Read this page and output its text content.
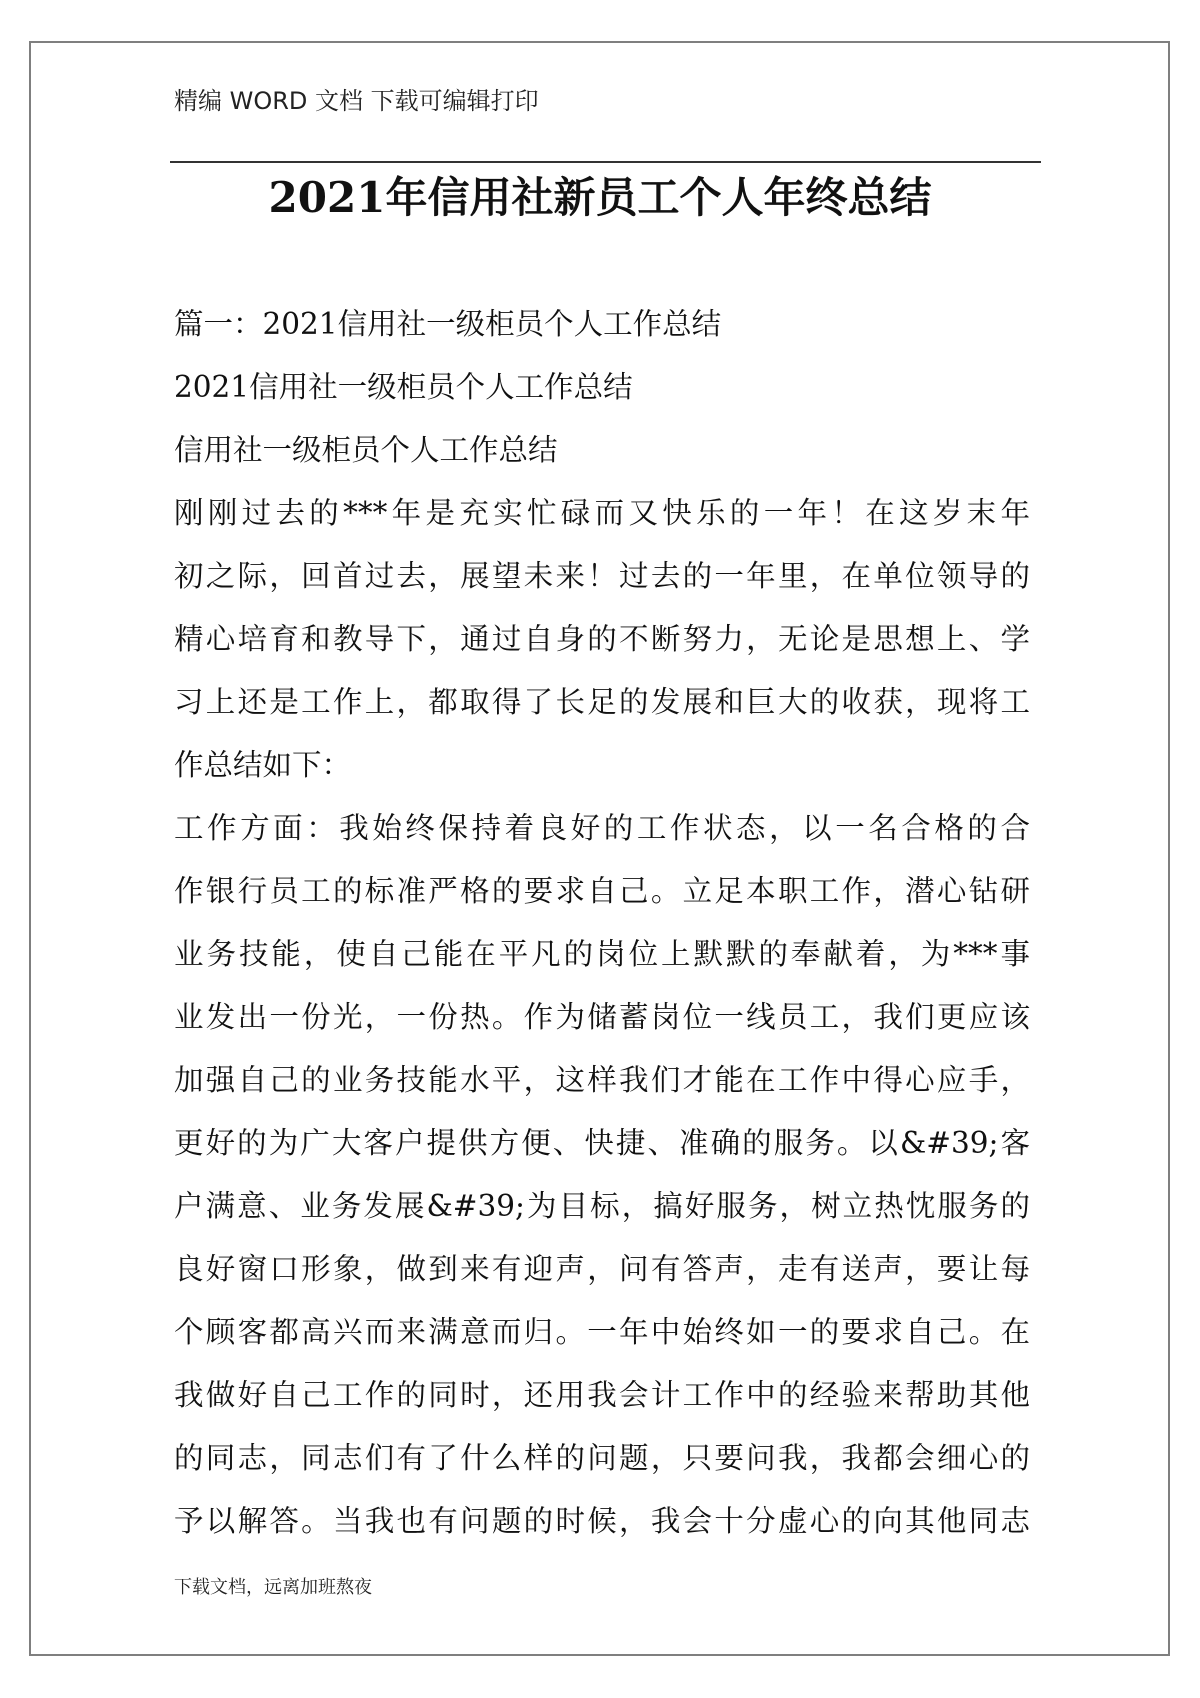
精编 WORD 文档 下载可编辑打印
2021年信用社新员工个人年终总结
篇一：2021信用社一级柜员个人工作总结
2021信用社一级柜员个人工作总结
信用社一级柜员个人工作总结
刚刚过去的***年是充实忙碌而又快乐的一年！在这岁末年
初之际，回首过去，展望未来！过去的一年里，在单位领导的
精心培育和教导下，通过自身的不断努力，无论是思想上、学
习上还是工作上，都取得了长足的发展和巨大的收获，现将工
作总结如下：
工作方面：我始终保持着良好的工作状态，以一名合格的合
作银行员工的标准严格的要求自己。立足本职工作，潜心钻研
业务技能，使自己能在平凡的岗位上默默的奉献着，为***事
业发出一份光，一份热。作为储蓄岗位一线员工，我们更应该
加强自己的业务技能水平，这样我们才能在工作中得心应手，
更好的为广大客户提供方便、快捷、准确的服务。以&#39;客
户满意、业务发展&#39;为目标，搞好服务，树立热忱服务的
良好窗口形象，做到来有迎声，问有答声，走有送声，要让每
个顾客都高兴而来满意而归。一年中始终如一的要求自己。在
我做好自己工作的同时，还用我会计工作中的经验来帮助其他
的同志，同志们有了什么样的问题，只要问我，我都会细心的
予以解答。当我也有问题的时候，我会十分虚心的向其他同志
下载文档，远离加班熬夜
